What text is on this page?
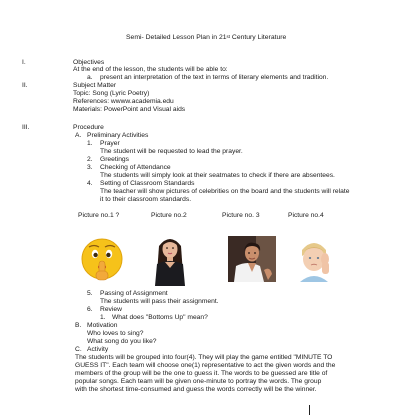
Semi- Detailed Lesson Plan in 21st Century Literature
I.	Objectives
At the end of the lesson, the students will be able to:
a. present an interpretation of the text in terms of literary elements and tradition.
II.	Subject Matter
Topic: Song (Lyric Poetry)
References: wwww.academia.edu
Materials: PowerPoint and Visual aids
III.	Procedure
A. Preliminary Activities
1. Prayer
The student will be requested to lead the prayer.
2. Greetings
3. Checking of Attendance
The students will simply look at their seatmates to check if there are absentees.
4. Setting of Classroom Standards
The teacher will show pictures of celebrities on the board and the students will relate
it to their classroom standards.
Picture no.1 ?	Picture no.2	Picture no. 3	Picture no.4
5. Passing of Assignment
The students will pass their assignment.
6. Review
1. What does "Bottoms Up" mean?
B. Motivation
Who loves to sing?
What song do you like?
C. Activity
The students will be grouped into four(4). They will play the game entitled "MINUTE TO
GUESS IT". Each team will choose one(1) representative to act the given words and the
members of the group will be the one to guess it. The words to be guessed are title of
popular songs. Each team will be given one-minute to portray the words. The group
with the shortest time-consumed and guess the words correctly will be the winner.
